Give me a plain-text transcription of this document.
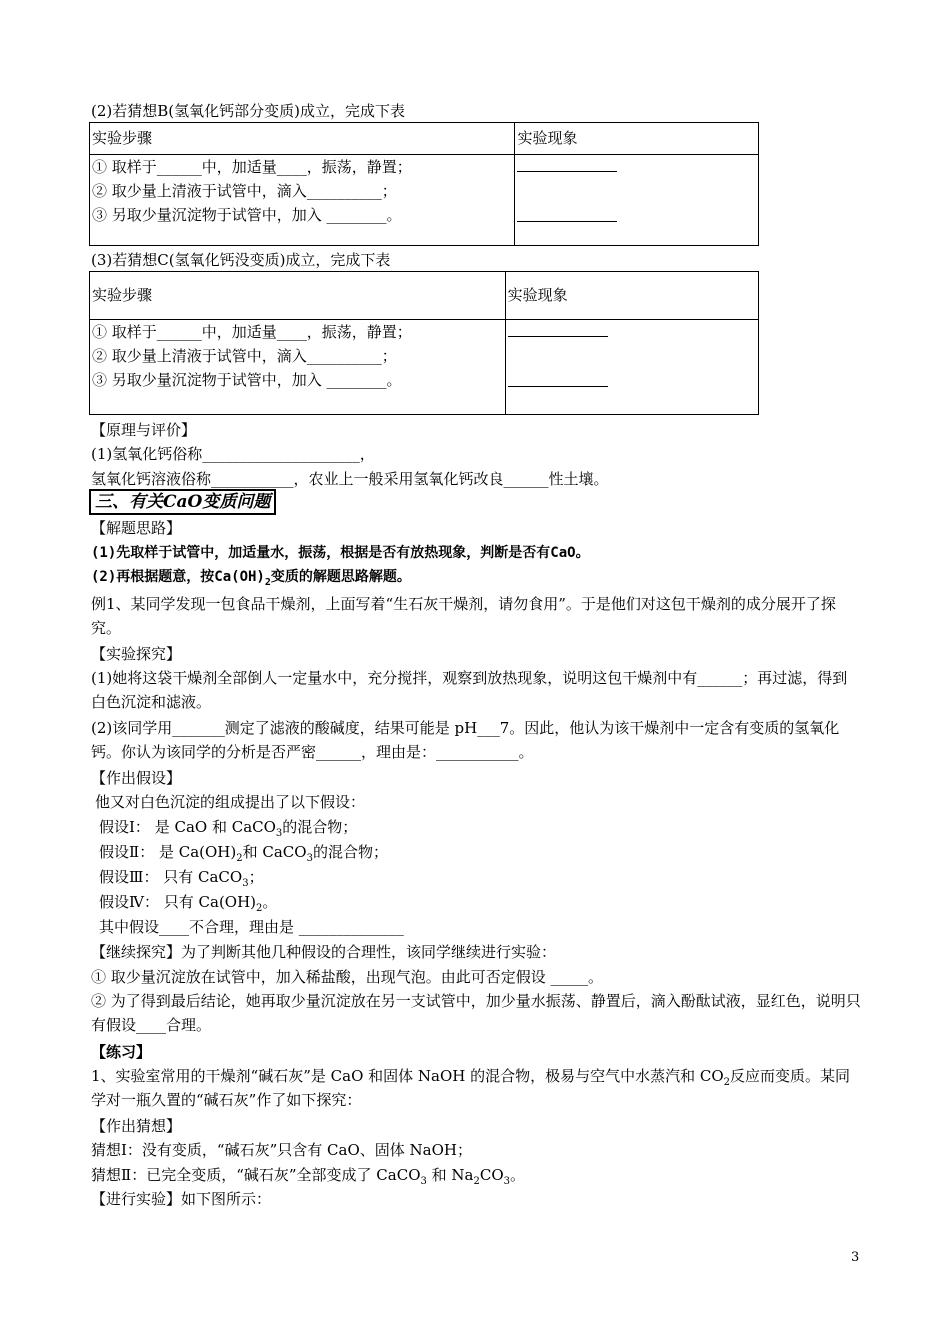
(2)若猜想B(氢氧化钙部分变质)成立，完成下表
实验步骤	实验现象

① 取样于______中，加适量____，振荡，静置；
② 取少量上清液于试管中，滴入__________；
③ 另取少量沉淀物于试管中，加入 ________。	

(3)若猜想C(氢氧化钙没变质)成立，完成下表
实验步骤	实验现象

① 取样于______中，加适量____，振荡，静置；
② 取少量上清液于试管中，滴入__________；
③ 另取少量沉淀物于试管中，加入 ________。	

【原理与评价】
(1)氢氧化钙俗称_____________________，
氢氧化钙溶液俗称___________，农业上一般采用氢氧化钙改良______性土壤。
三、有关CaO变质问题
【解题思路】
(1)先取样于试管中，加适量水，振荡，根据是否有放热现象，判断是否有CaO。
(2)再根据题意，按$Ca(OH)_2$变质的解题思路解题。
例1、某同学发现一包食品干燥剂，上面写着“生石灰干燥剂，请勿食用”。于是他们对这包干燥剂的成分展开了探究。
【实验探究】
(1)她将这袋干燥剂全部倒人一定量水中，充分搅拌，观察到放热现象，说明这包干燥剂中有______；再过滤，得到白色沉淀和滤液。
(2)该同学用_______测定了滤液的酸碱度，结果可能是 pH___7。因此，他认为该干燥剂中一定含有变质的氢氧化钙。你认为该同学的分析是否严密______，理由是：___________。
【作出假设】
他又对白色沉淀的组成提出了以下假设：
假设Ⅰ： 是 CaO 和 CaCO$_3$的混合物；
假设Ⅱ： 是 $Ca(OH)_2$和 CaCO$_3$的混合物；
假设Ⅲ： 只有 CaCO$_3$；
假设Ⅳ： 只有 $Ca(OH)_2$。
其中假设____不合理，理由是 ______________
【继续探究】为了判断其他几种假设的合理性，该同学继续进行实验：
① 取少量沉淀放在试管中，加入稀盐酸，出现气泡。由此可否定假设 _____。
② 为了得到最后结论，她再取少量沉淀放在另一支试管中，加少量水振荡、静置后，滴入酚酞试液，显红色，说明只有假设____合理。
【练习】
1、实验室常用的干燥剂“碱石灰”是 CaO 和固体 NaOH 的混合物，极易与空气中水蒸汽和 $CO_2$反应而变质。某同学对一瓶久置的“碱石灰”作了如下探究：
【作出猜想】
猜想Ⅰ：没有变质，“碱石灰”只含有 CaO、固体 NaOH；
猜想Ⅱ：已完全变质，“碱石灰”全部变成了 CaCO$_3$ 和 $Na_2CO_3$。
【进行实验】如下图所示：
3
